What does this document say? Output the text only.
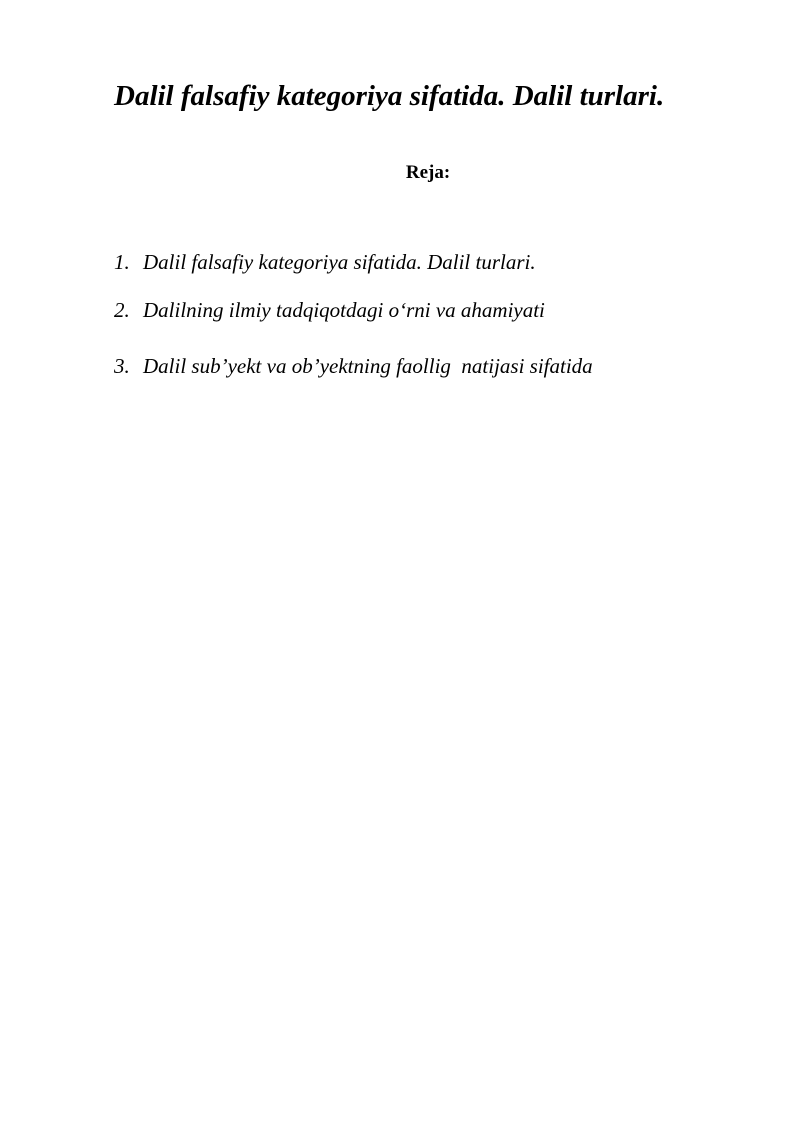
Dalil falsafiy kategoriya sifatida. Dalil turlari.

Reja:

1. Dalil falsafiy kategoriya sifatida. Dalil turlari.
2. Dalilning ilmiy tadqiqotdagi o‘rni va ahamiyati
3. Dalil sub’yekt va ob’yektning faollig  natijasi sifatida
